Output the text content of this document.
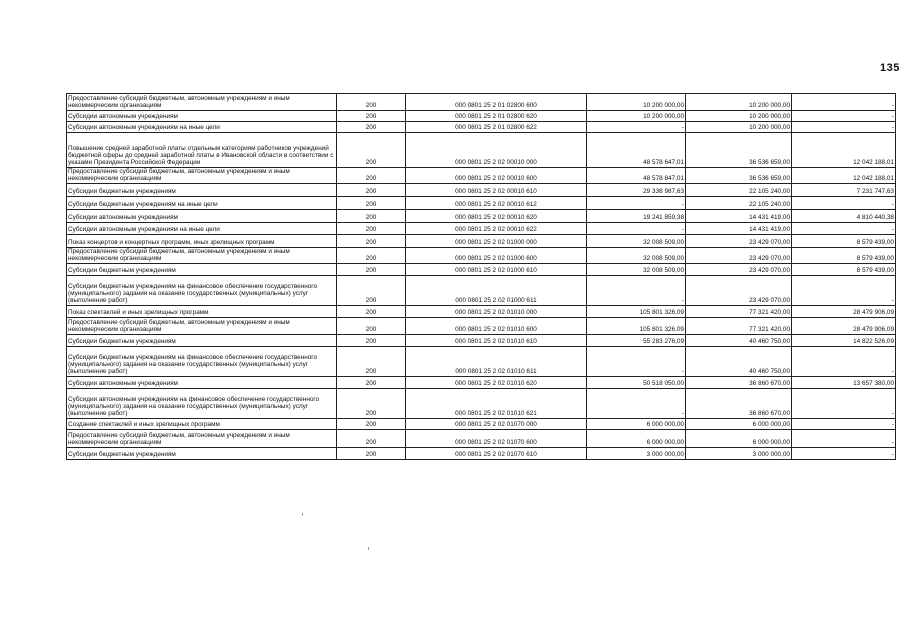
135
Предоставление субсидий бюджетным, автономным учреждениям и иным некоммерческим организациям	200	000 0801 25 2 01 02800 600	10 200 000,00	10 200 000,00	-
Субсидии автономным учреждениям	200	000 0801 25 2 01 02800 620	10 200 000,00	10 200 000,00	-
Субсидии автономным учреждениям на иные цели	200	000 0801 25 2 01 02800 622	-	10 200 000,00	-
Повышение средней заработной платы отдельным категориям работников учреждений бюджетной сферы до средней заработной платы в Ивановской области в соответствии с указами Президента Российской Федерации	200	000 0801 25 2 02 00010 000	48 578 647,01	36 536 659,00	12 042 188,01
Предоставление субсидий бюджетным, автономным учреждениям и иным некоммерческим организациям	200	000 0801 25 2 02 00010 600	48 578 847,01	36 536 659,00	12 042 188,01
Субсидии бюджетным учреждениям	200	000 0801 25 2 02 00010 610	29 336 987,63	22 105 240,00	7 231 747,63
Субсидии бюджетным учреждениям на иные цели	200	000 0801 25 2 02 00010 612	-	22 105 240,00	-
Субсидии автономным учреждениям	200	000 0801 25 2 02 00010 620	19 241 859,38	14 431 419,00	4 810 440,38
Субсидии автономным учреждениям на иные цели	200	000 0801 25 2 02 00010 622	-	14 431 419,00	-
Показ концертов и концертных программ, иных зрелищных программ	200	000 0801 25 2 02 01000 000	32 008 509,00	23 429 070,00	8 579 439,00
Предоставление субсидий бюджетным, автономным учреждениям и иным некоммерческим организациям	200	000 0801 25 2 02 01000 600	32 008 509,00	23 429 070,00	8 579 439,00
Субсидии бюджетным учреждениям	200	000 0801 25 2 02 01000 610	32 008 509,00	23 429 070,00	8 579 439,00
Субсидии бюджетным учреждениям на финансовое обеспечение государственного (муниципального) задания на оказание государственных (муниципальных) услуг (выполнение работ)	200	000 0801 25 2 02 01000 611	-	23 429 070,00	-
Показ спектаклей и иных зрелищных программ	200	000 0801 25 2 02 01010 000	105 801 326,09	77 321 420,00	28 479 906,09
Предоставление субсидий бюджетным, автономным учреждениям и иным некоммерческим организациям	200	000 0801 25 2 02 01010 600	105 801 326,09	77 321 420,00	28 479 906,09
Субсидии бюджетным учреждениям	200	000 0801 25 2 02 01010 610	55 283 276,09	40 460 750,00	14 822 526,09
Субсидии бюджетным учреждениям на финансовое обеспечение государственного (муниципального) задания на оказание государственных (муниципальных) услуг (выполнение работ)	200	000 0801 25 2 02 01010 611	-	40 460 750,00	-
Субсидии автономным учреждениям	200	000 0801 25 2 02 01010 620	50 518 050,00	36 860 670,00	13 657 380,00
Субсидии автономным учреждениям на финансовое обеспечение государственного (муниципального) задания на оказание государственных (муниципальных) услуг (выполнение работ)	200	000 0801 25 2 02 01010 621	-	36 860 670,00	-
Создание спектаклей и иных зрелищных программ	200	000 0801 25 2 02 01070 000	6 000 000,00	6 000 000,00	-
Предоставление субсидий бюджетным, автономным учреждениям и иным некоммерческим организациям	200	000 0801 25 2 02 01070 600	6 000 000,00	6 000 000,00	-
Субсидии бюджетным учреждениям	200	000 0801 25 2 02 01070 610	3 000 000,00	3 000 000,00	-
